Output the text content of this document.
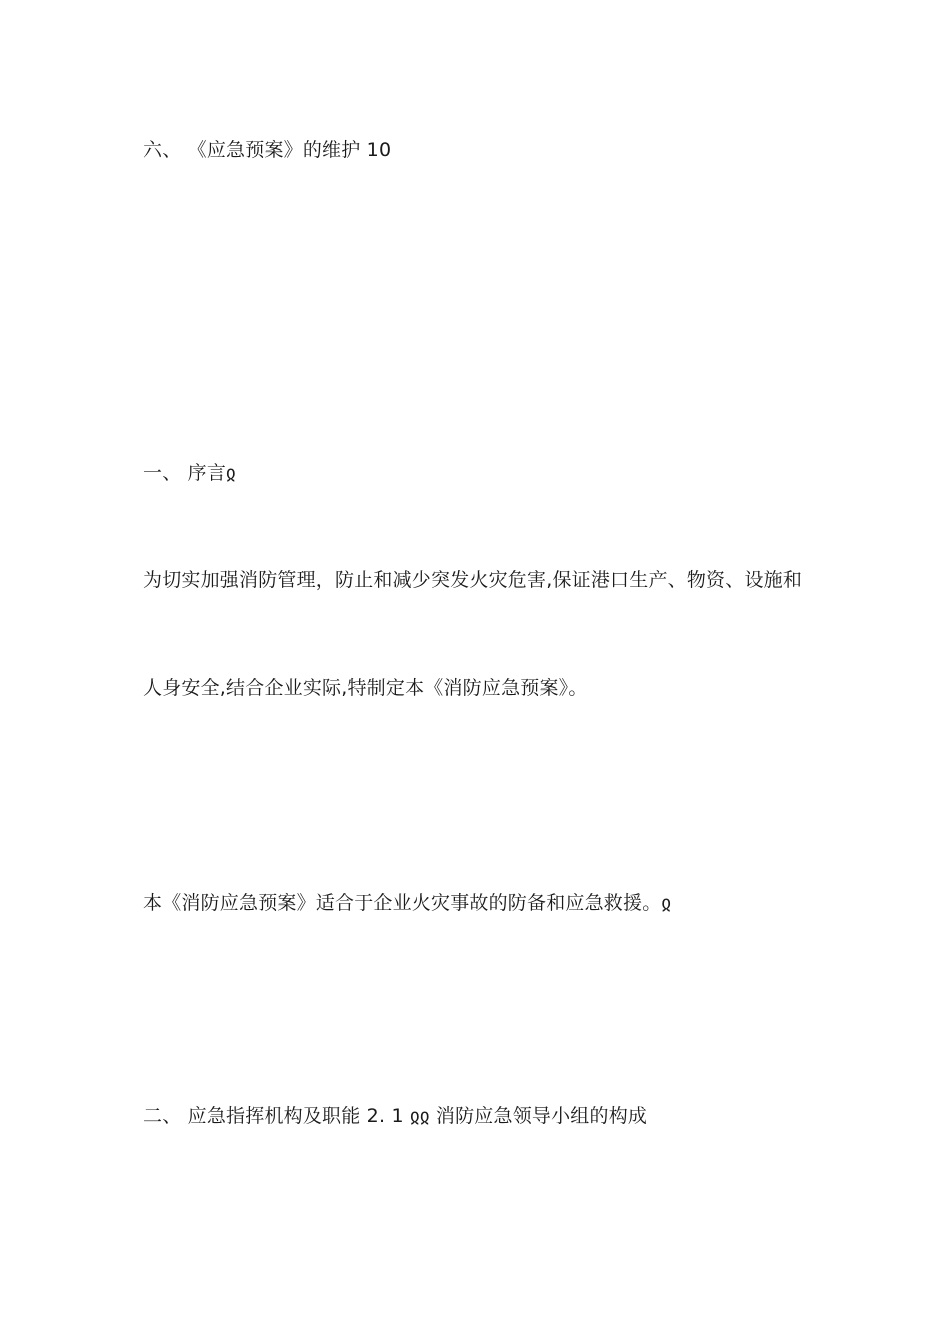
六、 《应急预案》的维护 10
一、 序言ჲ
为切实加强消防管理，防止和减少突发火灾危害,保证港口生产、物资、设施和
人身安全,结合企业实际,特制定本《消防应急预案》。
本《消防应急预案》适合于企业火灾事故的防备和应急救援。ჲ
二、 应急指挥机构及职能 2. 1 ჲჲ 消防应急领导小组的构成
